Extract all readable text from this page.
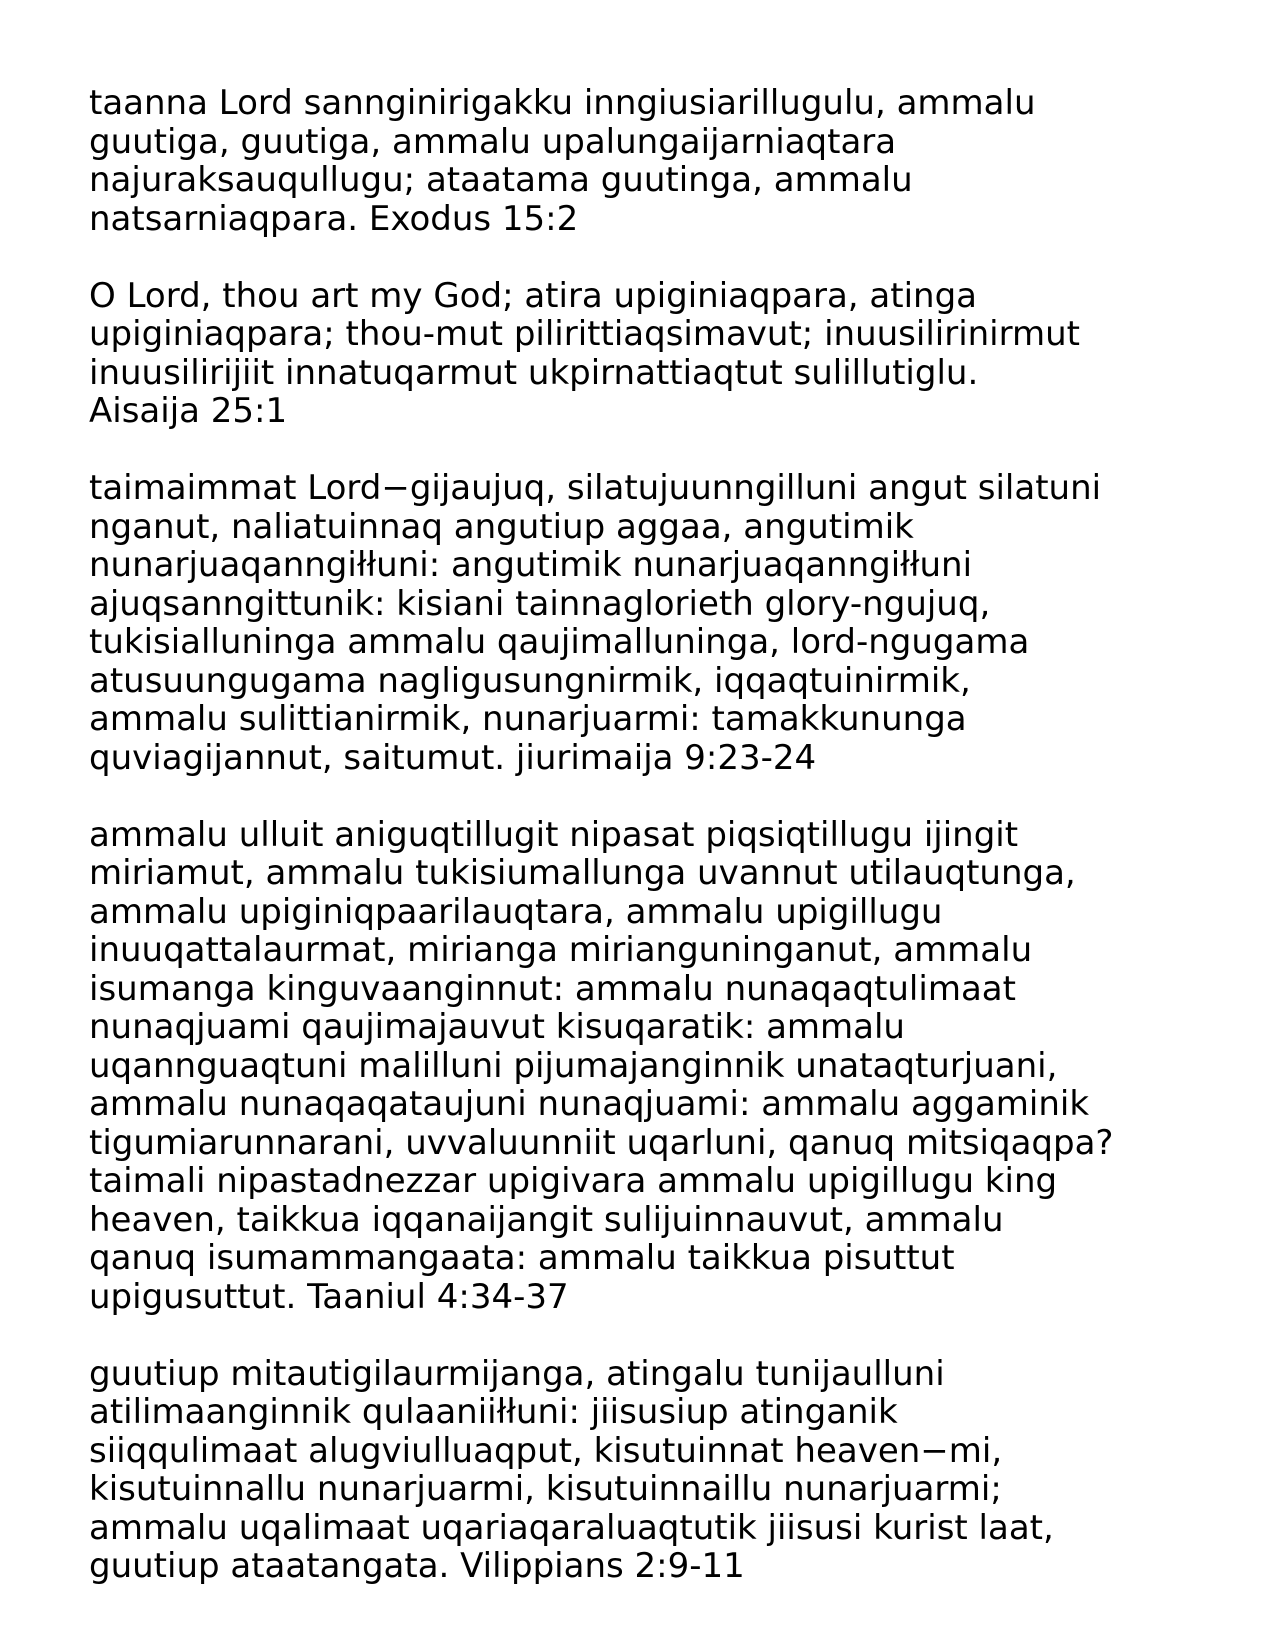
taanna Lord sannginirigakku inngiusiarillugulu, ammalu
guutiga, guutiga, ammalu upalungaijarniaqtara
najuraksauqullugu; ataatama guutinga, ammalu
natsarniaqpara. Exodus 15:2

O Lord, thou art my God; atira upiginiaqpara, atinga
upiginiaqpara; thou-mut pilirittiaqsimavut; inuusilirinirmut
inuusilirijiit innatuqarmut ukpirnattiaqtut sulillutiglu.
Aisaija 25:1

taimaimmat Lord−gijaujuq, silatujuunngilluni angut silatuni
nganut, naliatuinnaq angutiup aggaa, angutimik
nunarjuaqanngiłłuni: angutimik nunarjuaqanngiłłuni
ajuqsanngittunik: kisiani tainnaglorieth glory-ngujuq,
tukisialluninga ammalu qaujimalluninga, lord-ngugama
atusuungugama nagligusungnirmik, iqqaqtuinirmik,
ammalu sulittianirmik, nunarjuarmi: tamakkununga
quviagijannut, saitumut. jiurimaija 9:23-24

ammalu ulluit aniguqtillugit nipasat piqsiqtillugu ijingit
miriamut, ammalu tukisiumallunga uvannut utilauqtunga,
ammalu upiginiqpaarilauqtara, ammalu upigillugu
inuuqattalaurmat, mirianga mirianguninganut, ammalu
isumanga kinguvaanginnut: ammalu nunaqaqtulimaat
nunaqjuami qaujimajauvut kisuqaratik: ammalu
uqannguaqtuni malilluni pijumajanginnik unataqturjuani,
ammalu nunaqaqataujuni nunaqjuami: ammalu aggaminik
tigumiarunnarani, uvvaluunniit uqarluni, qanuq mitsiqaqpa?
taimali nipastadnezzar upigivara ammalu upigillugu king
heaven, taikkua iqqanaijangit sulijuinnauvut, ammalu
qanuq isumammangaata: ammalu taikkua pisuttut
upigusuttut. Taaniul 4:34-37

guutiup mitautigilaurmijanga, atingalu tunijaulluni
atilimaanginnik qulaaniiłłuni: jiisusiup atinganik
siiqqulimaat alugviulluaqput, kisutuinnat heaven−mi,
kisutuinnallu nunarjuarmi, kisutuinnaillu nunarjuarmi;
ammalu uqalimaat uqariaqaraluaqtutik jiisusi kurist laat,
guutiup ataatangata. Vilippians 2:9-11
